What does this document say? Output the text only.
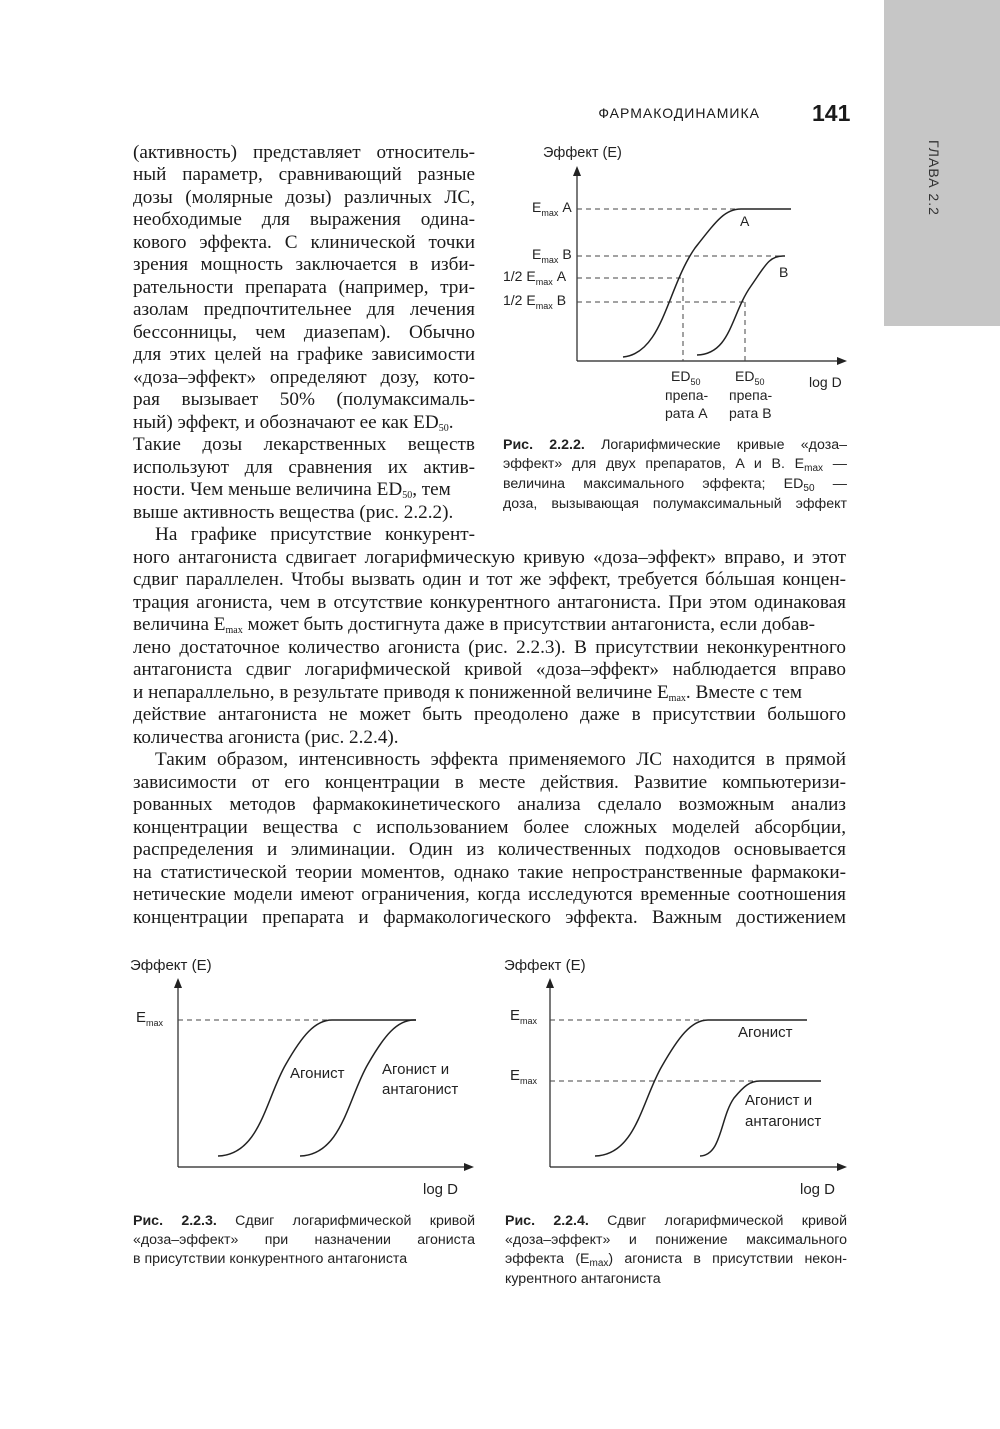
ФАРМАКОДИНАМИКА 141
ГЛАВА 2.2
(активность) представляет относитель-
ный параметр, сравнивающий разные
дозы (молярные дозы) различных ЛС,
необходимые для выражения одина-
кового эффекта. С клинической точки
зрения мощность заключается в изби-
рательности препарата (например, три-
азолам предпочтительнее для лечения
бессонницы, чем диазепам). Обычно
для этих целей на графике зависимости
«доза–эффект» определяют дозу, кото-
рая вызывает 50% (полумаксималь-
ный) эффект, и обозначают ее как ED50.
Такие дозы лекарственных веществ
используют для сравнения их актив-
ности. Чем меньше величина ED50, тем
выше активность вещества (рис. 2.2.2).
На графике присутствие конкурент-
ного антагониста сдвигает логарифмическую кривую «доза–эффект» вправо, и этот
сдвиг параллелен. Чтобы вызвать один и тот же эффект, требуется бóльшая концен-
трация агониста, чем в отсутствие конкурентного антагониста. При этом одинаковая
величина Emax может быть достигнута даже в присутствии антагониста, если добав-
лено достаточное количество агониста (рис. 2.2.3). В присутствии неконкурентного
антагониста сдвиг логарифмической кривой «доза–эффект» наблюдается вправо
и непараллельно, в результате приводя к пониженной величине Emax. Вместе с тем
действие антагониста не может быть преодолено даже в присутствии большого
количества агониста (рис. 2.2.4).
Таким образом, интенсивность эффекта применяемого ЛС находится в прямой
зависимости от его концентрации в месте действия. Развитие компьютеризи-
рованных методов фармакокинетического анализа сделало возможным анализ
концентрации вещества с использованием более сложных моделей абсорбции,
распределения и элиминации. Один из количественных подходов основывается
на статистической теории моментов, однако такие непространственные фармакоки-
нетические модели имеют ограничения, когда исследуются временные соотношения
концентрации препарата и фармакологического эффекта. Важным достижением
Эффект (E)
$E_{max}$ A
$E_{max}$ B
1/2 $E_{max}$ A
1/2 $E_{max}$ B
A
B
$ED_{50}$ $ED_{50}$
препа-
рата A
препа-
рата B
log D
Рис. 2.2.2. Логарифмические кривые «доза–
эффект» для двух препаратов, A и B. $E_{max}$ —
величина максимального эффекта; $ED_{50}$ —
доза, вызывающая полумаксимальный эффект
Эффект (E)
$E_{max}$
Агонист Агонист и
антагонист
log D
Рис. 2.2.3. Сдвиг логарифмической кривой
«доза–эффект» при назначении агониста
в присутствии конкурентного антагониста
Эффект (E)
$E_{max}$
$E_{max}$
Агонист
Агонист и
антагонист
log D
Рис. 2.2.4. Сдвиг логарифмической кривой
«доза–эффект» и понижение максимального
эффекта $(E_{max})$ агониста в присутствии некон-
курентного антагониста
